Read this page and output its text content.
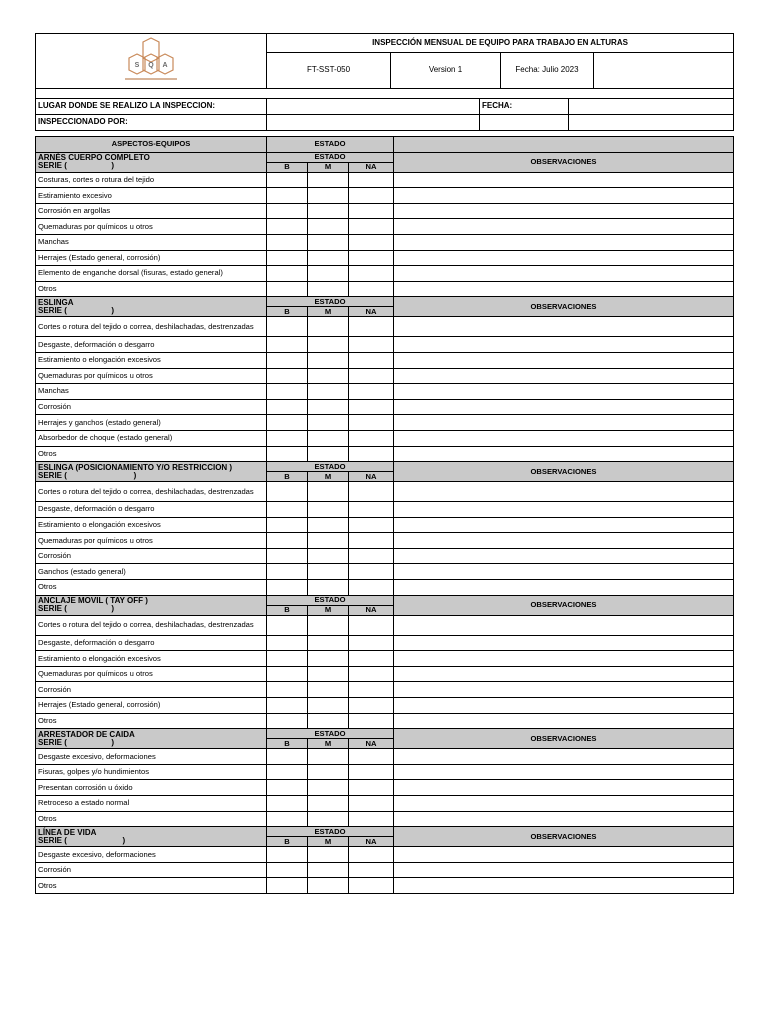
S Q A	INSPECCIÓN MENSUAL DE EQUIPO PARA TRABAJO EN ALTURAS			
	FT-SST-050	Version 1	Fecha: Julio 2023	

LUGAR DONDE SE REALIZO LA INSPECCION:		FECHA:	
INSPECCIONADO POR:			
ASPECTOS-EQUIPOS	ESTADO			
ARNÉS CUERPO COMPLETO
SERIE (                    )	ESTADO			OBSERVACIONES
	B	M	NA	
Costuras, cortes o rotura del tejido				
Estiramiento excesivo				
Corrosión en argollas				
Quemaduras por químicos u otros				
Manchas				
Herrajes (Estado general, corrosión)				
Elemento de enganche dorsal (fisuras, estado general)				
Otros				
ESLINGA
SERIE (                    )	ESTADO			OBSERVACIONES
	B	M	NA	
Cortes o rotura del tejido o correa, deshilachadas, destrenzadas				
Desgaste, deformación o desgarro				
Estiramiento o elongación excesivos				
Quemaduras por químicos u otros				
Manchas				
Corrosión				
Herrajes y ganchos (estado general)				
Absorbedor de choque (estado general)				
Otros				
ESLINGA (POSICIONAMIENTO Y/O RESTRICCION )
SERIE (                              )	ESTADO			OBSERVACIONES
	B	M	NA	
Cortes o rotura del tejido o correa, deshilachadas, destrenzadas				
Desgaste, deformación o desgarro				
Estiramiento o elongación excesivos				
Quemaduras por químicos u otros				
Corrosión				
Ganchos (estado general)				
Otros				
ANCLAJE MOVIL ( TAY OFF )
SERIE (                    )	ESTADO			OBSERVACIONES
	B	M	NA	
Cortes o rotura del tejido o correa, deshilachadas, destrenzadas				
Desgaste, deformación o desgarro				
Estiramiento o elongación excesivos				
Quemaduras por químicos u otros				
Corrosión				
Herrajes (Estado general, corrosión)				
Otros				
ARRESTADOR DE CAIDA
SERIE (                    )	ESTADO			OBSERVACIONES
	B	M	NA	
Desgaste excesivo, deformaciones				
Fisuras, golpes y/o hundimientos				
Presentan corrosión u óxido				
Retroceso a estado normal				
Otros				
LÍNEA DE VIDA
SERIE (                         )	ESTADO			OBSERVACIONES
	B	M	NA	
Desgaste excesivo, deformaciones				
Corrosión				
Otros				
